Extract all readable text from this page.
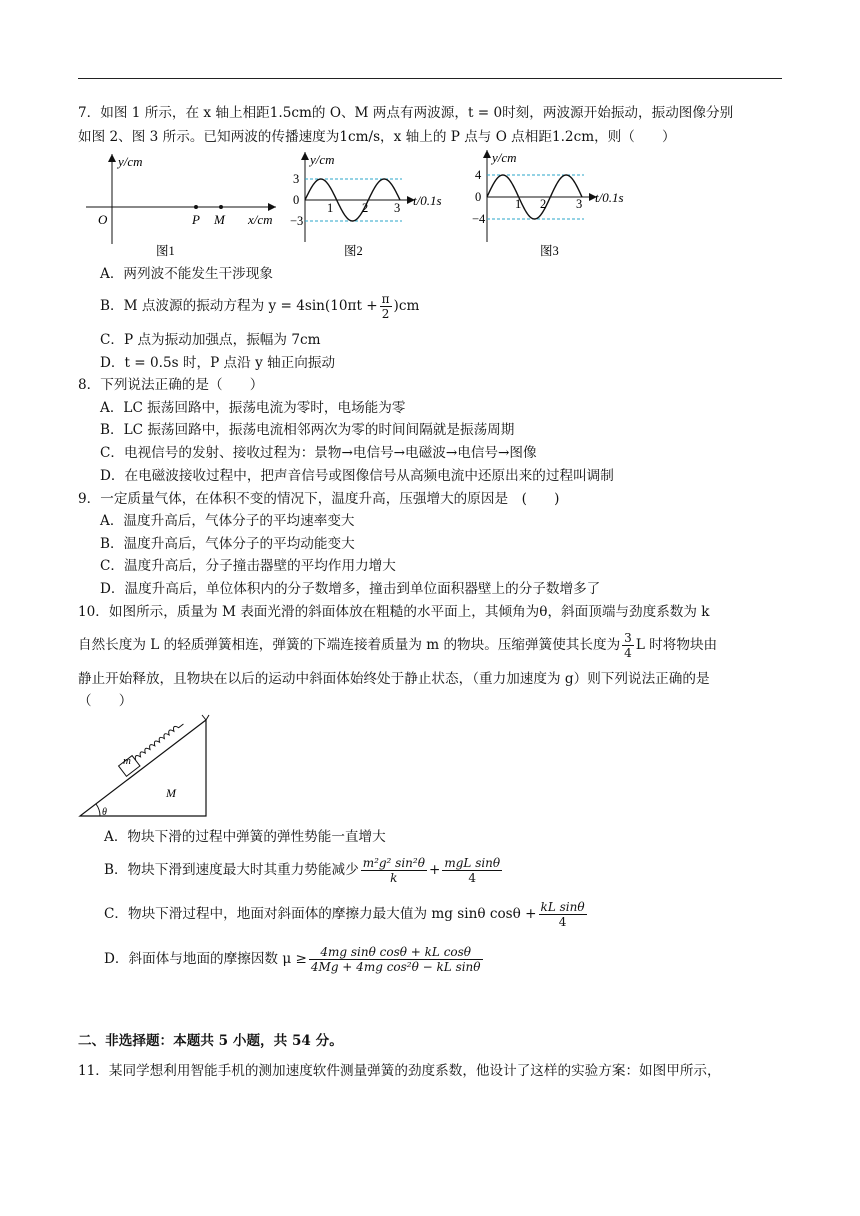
7．如图 1 所示，在 x 轴上相距1.5cm的 O、M 两点有两波源，t = 0时刻，两波源开始振动，振动图像分别
如图 2、图 3 所示。已知两波的传播速度为1cm/s，x 轴上的 P 点与 O 点相距1.2cm，则（　　）
y/cm
x/cm
O	P M
图1
y/cm
t/0.1s
3
0
−3
1 2 3
图2
y/cm
t/0.1s
4
0
−4
1 2 3
图3
A．两列波不能发生干涉现象
B．M 点波源的振动方程为 $y = 4\sin(10\pi t + \frac{\pi}{2} )cm$
C．P 点为振动加强点，振幅为 7cm
D．t = 0.5s 时，P 点沿 y 轴正向振动
8．下列说法正确的是（　　）
A．LC 振荡回路中，振荡电流为零时，电场能为零
B．LC 振荡回路中，振荡电流相邻两次为零的时间间隔就是振荡周期
C．电视信号的发射、接收过程为：景物→电信号→电磁波→电信号→图像
D．在电磁波接收过程中，把声音信号或图像信号从高频电流中还原出来的过程叫调制
9．一定质量气体，在体积不变的情况下，温度升高，压强增大的原因是　(　　)
A．温度升高后，气体分子的平均速率变大
B．温度升高后，气体分子的平均动能变大
C．温度升高后，分子撞击器壁的平均作用力增大
D．温度升高后，单位体积内的分子数增多，撞击到单位面积器壁上的分子数增多了
10．如图所示，质量为 M 表面光滑的斜面体放在粗糙的水平面上，其倾角为θ，斜面顶端与劲度系数为 k
自然长度为 L 的轻质弹簧相连，弹簧的下端连接着质量为 m 的物块。压缩弹簧使其长度为 $\frac{3}{4}$ L 时将物块由
静止开始释放，且物块在以后的运动中斜面体始终处于静止状态，（重力加速度为 g）则下列说法正确的是
（　　）
θ
m
M
A．物块下滑的过程中弹簧的弹性势能一直增大
B．物块下滑到速度最大时其重力势能减少 $\frac{\text{m²g² sin²θ}}{k} + \frac{\text{mgL sinθ}}{4}$
C．物块下滑过程中，地面对斜面体的摩擦力最大值为 mg sinθ $\cos\theta + \frac{\text{kL sinθ}}{4}$
D．斜面体与地面的摩擦因数 $\mu \ge \frac{\text{4mg sinθ cosθ + kL cosθ}}{\text{4Mg + 4mg cos²θ − kL sinθ}}$
二、非选择题：本题共 5 小题，共 54 分。
11．某同学想利用智能手机的测加速度软件测量弹簧的劲度系数，他设计了这样的实验方案：如图甲所示，
